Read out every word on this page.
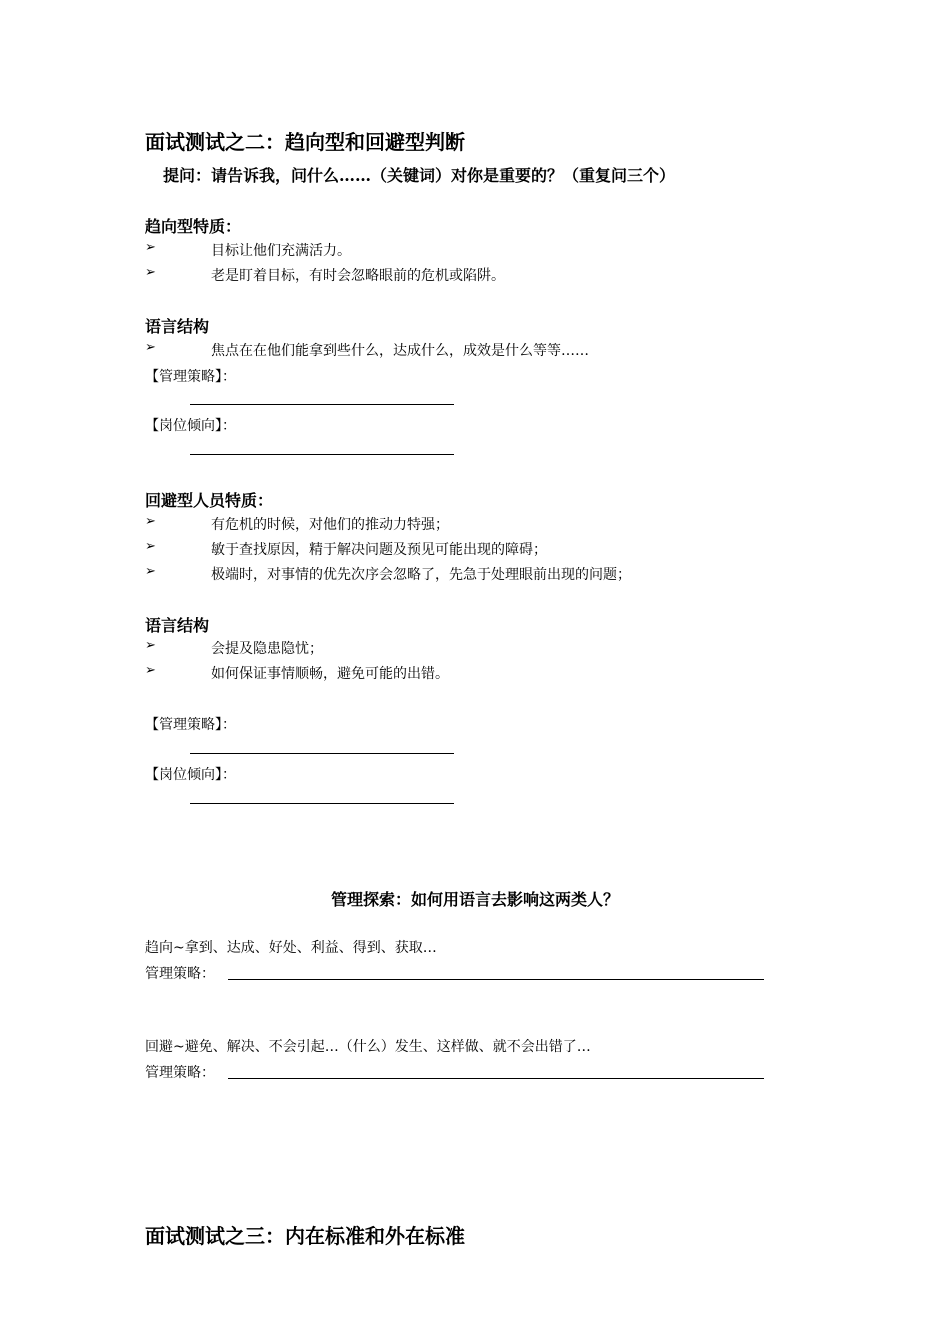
面试测试之二：趋向型和回避型判断
提问：请告诉我，问什么……（关键词）对你是重要的？（重复问三个）
趋向型特质：
➢	目标让他们充满活力。
➢	老是盯着目标，有时会忽略眼前的危机或陷阱。
语言结构
➢	焦点在在他们能拿到些什么，达成什么，成效是什么等等……
【管理策略】：
【岗位倾向】：
回避型人员特质：
➢	有危机的时候，对他们的推动力特强；
➢	敏于查找原因，精于解决问题及预见可能出现的障碍；
➢	极端时，对事情的优先次序会忽略了，先急于处理眼前出现的问题；
语言结构
➢	会提及隐患隐忧；
➢	如何保证事情顺畅，避免可能的出错。
【管理策略】：
【岗位倾向】：
管理探索：如何用语言去影响这两类人？
趋向~拿到、达成、好处、利益、得到、获取…
管理策略：
回避~避免、解决、不会引起…（什么）发生、这样做、就不会出错了…
管理策略：
面试测试之三：内在标准和外在标准
